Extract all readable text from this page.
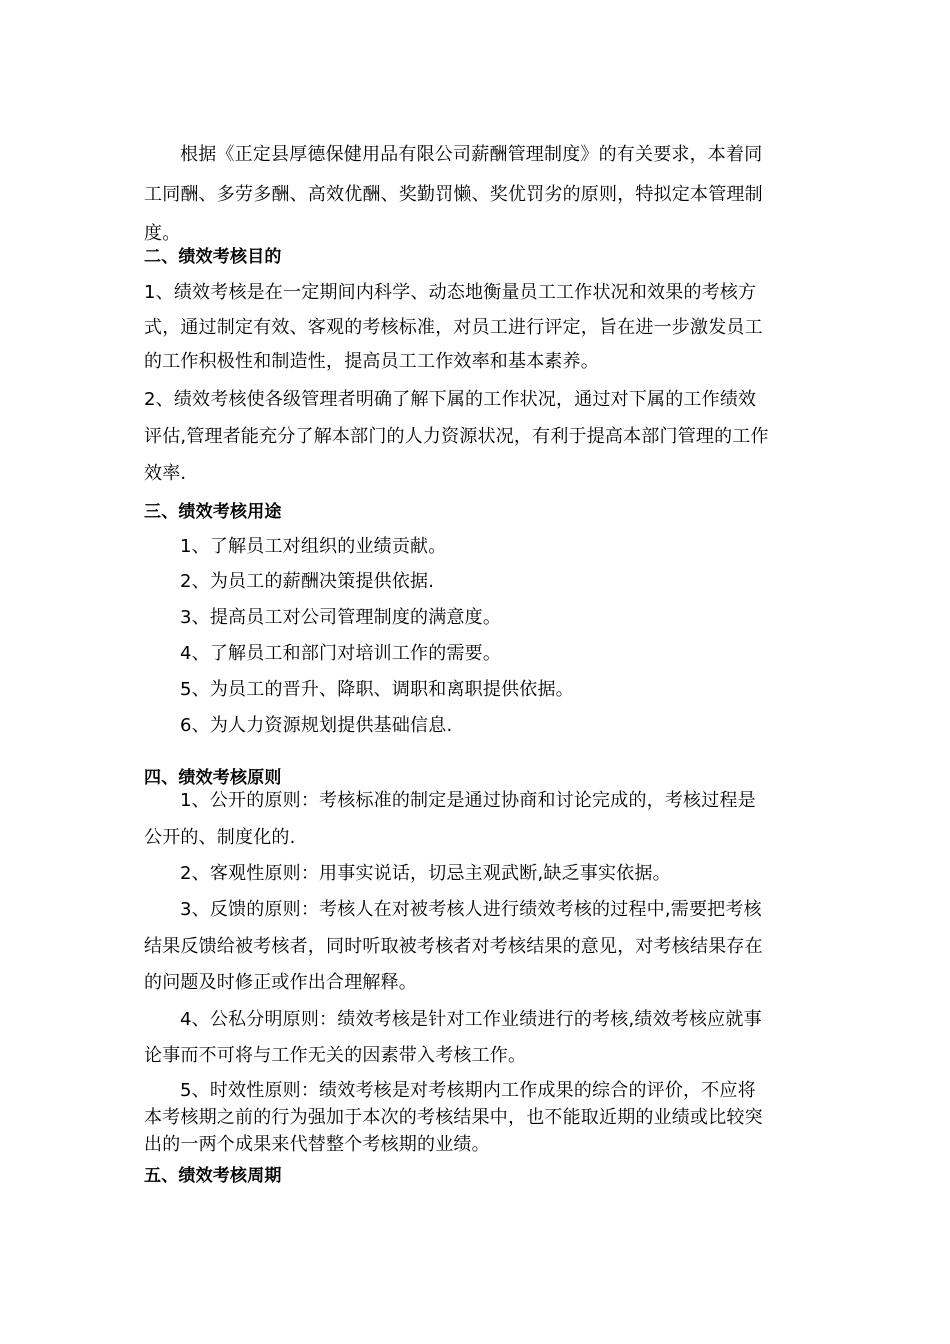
根据《正定县厚德保健用品有限公司薪酬管理制度》的有关要求，本着同
工同酬、多劳多酬、高效优酬、奖勤罚懒、奖优罚劣的原则，特拟定本管理制
度。
二、绩效考核目的
1、绩效考核是在一定期间内科学、动态地衡量员工工作状况和效果的考核方
式，通过制定有效、客观的考核标准，对员工进行评定，旨在进一步激发员工
的工作积极性和制造性，提高员工工作效率和基本素养。
2、绩效考核使各级管理者明确了解下属的工作状况，通过对下属的工作绩效
评估,管理者能充分了解本部门的人力资源状况，有利于提高本部门管理的工作
效率.
三、绩效考核用途
1、了解员工对组织的业绩贡献。
2、为员工的薪酬决策提供依据.
3、提高员工对公司管理制度的满意度。
4、了解员工和部门对培训工作的需要。
5、为员工的晋升、降职、调职和离职提供依据。
6、为人力资源规划提供基础信息.
四、绩效考核原则
1、公开的原则：考核标准的制定是通过协商和讨论完成的，考核过程是
公开的、制度化的.
2、客观性原则：用事实说话，切忌主观武断,缺乏事实依据。
3、反馈的原则：考核人在对被考核人进行绩效考核的过程中,需要把考核
结果反馈给被考核者，同时听取被考核者对考核结果的意见，对考核结果存在
的问题及时修正或作出合理解释。
4、公私分明原则：绩效考核是针对工作业绩进行的考核,绩效考核应就事
论事而不可将与工作无关的因素带入考核工作。
5、时效性原则：绩效考核是对考核期内工作成果的综合的评价，不应将
本考核期之前的行为强加于本次的考核结果中，也不能取近期的业绩或比较突
出的一两个成果来代替整个考核期的业绩。
五、绩效考核周期
